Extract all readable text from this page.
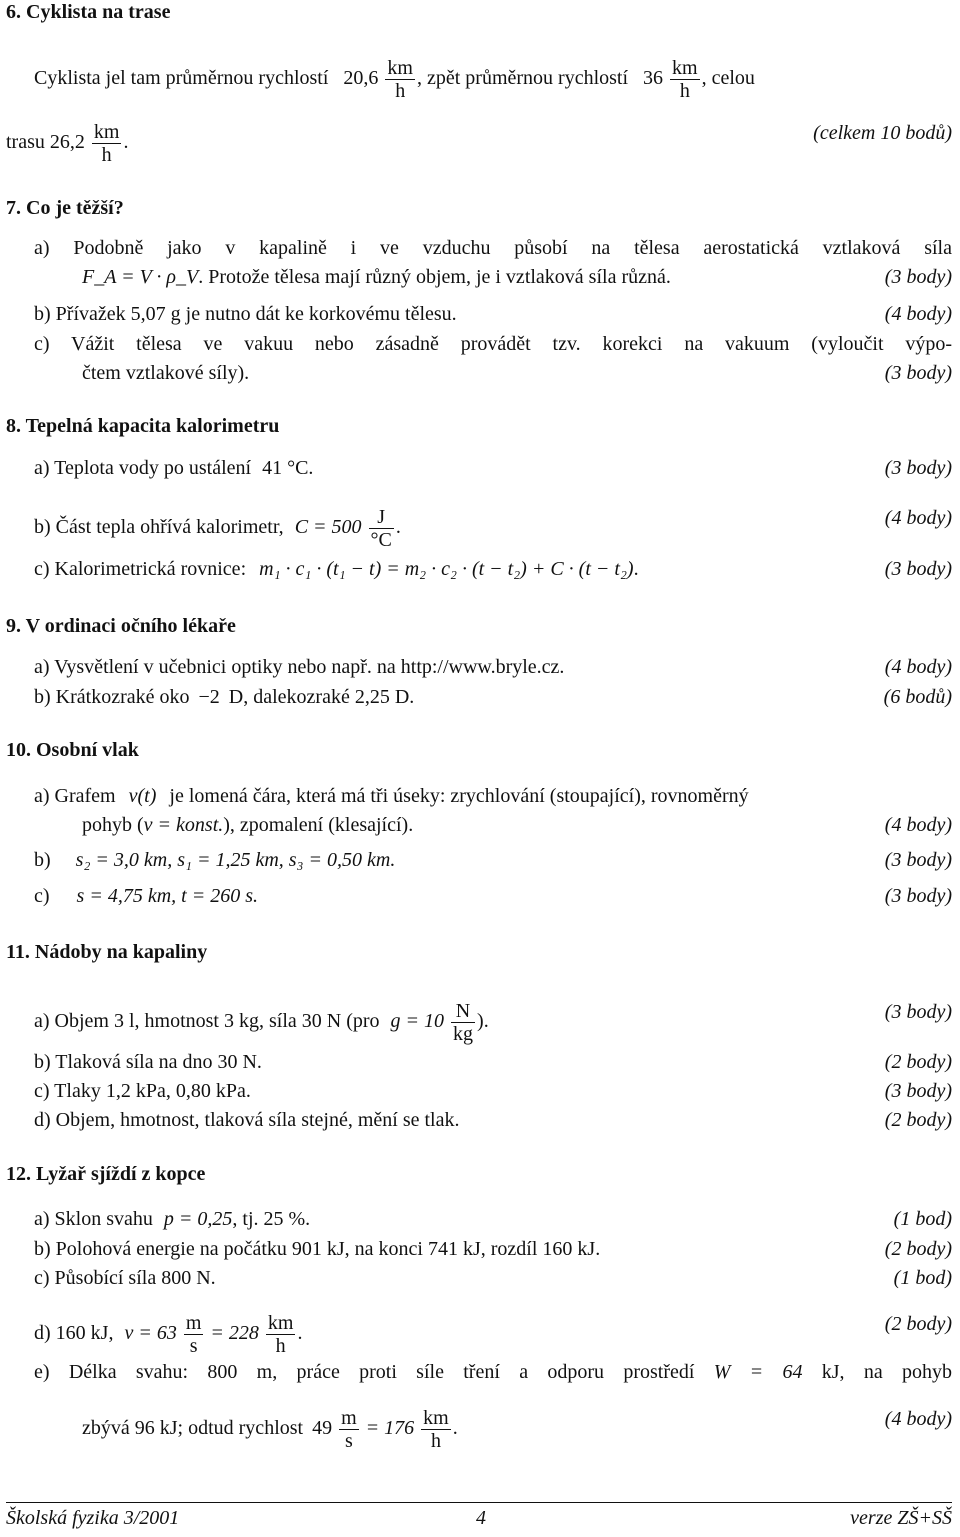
6. Cyklista na trase
Cyklista jel tam průměrnou rychlostí $20,6 \frac{km}{h}$ , zpět průměrnou rychlostí $36 \frac{km}{h}$ , celou
trasu $26,2 \frac{km}{h}$ .	(celkem 10 bodů)
7. Co je těžší?
a) Podobně jako v kapalině i ve vzduchu působí na tělesa aerostatická vztlaková síla
F_A = V · ρ_V. Protože tělesa mají různý objem, je i vztlaková síla různá.	(3 body)
b) Přívažek 5,07 g je nutno dát ke korkovému tělesu.	(4 body)
c) Vážit tělesa ve vakuu nebo zásadně provádět tzv. korekci na vakuum (vyloučit výpo-
čtem vztlakové síly).	(3 body)
8. Tepelná kapacita kalorimetru
a) Teplota vody po ustálení 41 °C.	(3 body)
b) Část tepla ohřívá kalorimetr, $C = 500 \frac{J}{^\circ C}$ .	(4 body)
c) Kalorimetrická rovnice: m₁ · c₁ · (t₁ − t) = m₂ · c₂ · (t − t₂) + C · (t − t₂).	(3 body)
9. V ordinaci očního lékaře
a) Vysvětlení v učebnici optiky nebo např. na http://www.bryle.cz.	(4 body)
b) Krátkozraké oko −2 D, dalekozraké 2,25 D.	(6 bodů)
10. Osobní vlak
a) Grafem v(t) je lomená čára, která má tři úseky: zrychlování (stoupající), rovnoměrný
pohyb (v = konst.), zpomalení (klesající).	(4 body)
b) s₂ = 3,0 km, s₁ = 1,25 km, s₃ = 0,50 km.	(3 body)
c) s = 4,75 km, t = 260 s.	(3 body)
11. Nádoby na kapaliny
a) Objem 3 l, hmotnost 3 kg, síla 30 N (pro $g = 10 \frac{N}{kg}$ ).	(3 body)
b) Tlaková síla na dno 30 N.	(2 body)
c) Tlaky 1,2 kPa, 0,80 kPa.	(3 body)
d) Objem, hmotnost, tlaková síla stejné, mění se tlak.	(2 body)
12. Lyžař sjíždí z kopce
a) Sklon svahu p = 0,25, tj. 25 %.	(1 bod)
b) Polohová energie na počátku 901 kJ, na konci 741 kJ, rozdíl 160 kJ.	(2 body)
c) Působící síla 800 N.	(1 bod)
d) 160 kJ, $v = 63 \frac{m}{s} = 228 \frac{km}{h}$ .	(2 body)
e) Délka svahu: 800 m, práce proti síle tření a odporu prostředí W = 64 kJ, na pohyb
zbývá 96 kJ; odtud rychlost $49 \frac{m}{s} = 176 \frac{km}{h}$ .	(4 body)
Školská fyzika 3/2001	4	verze ZŠ+SŠ
